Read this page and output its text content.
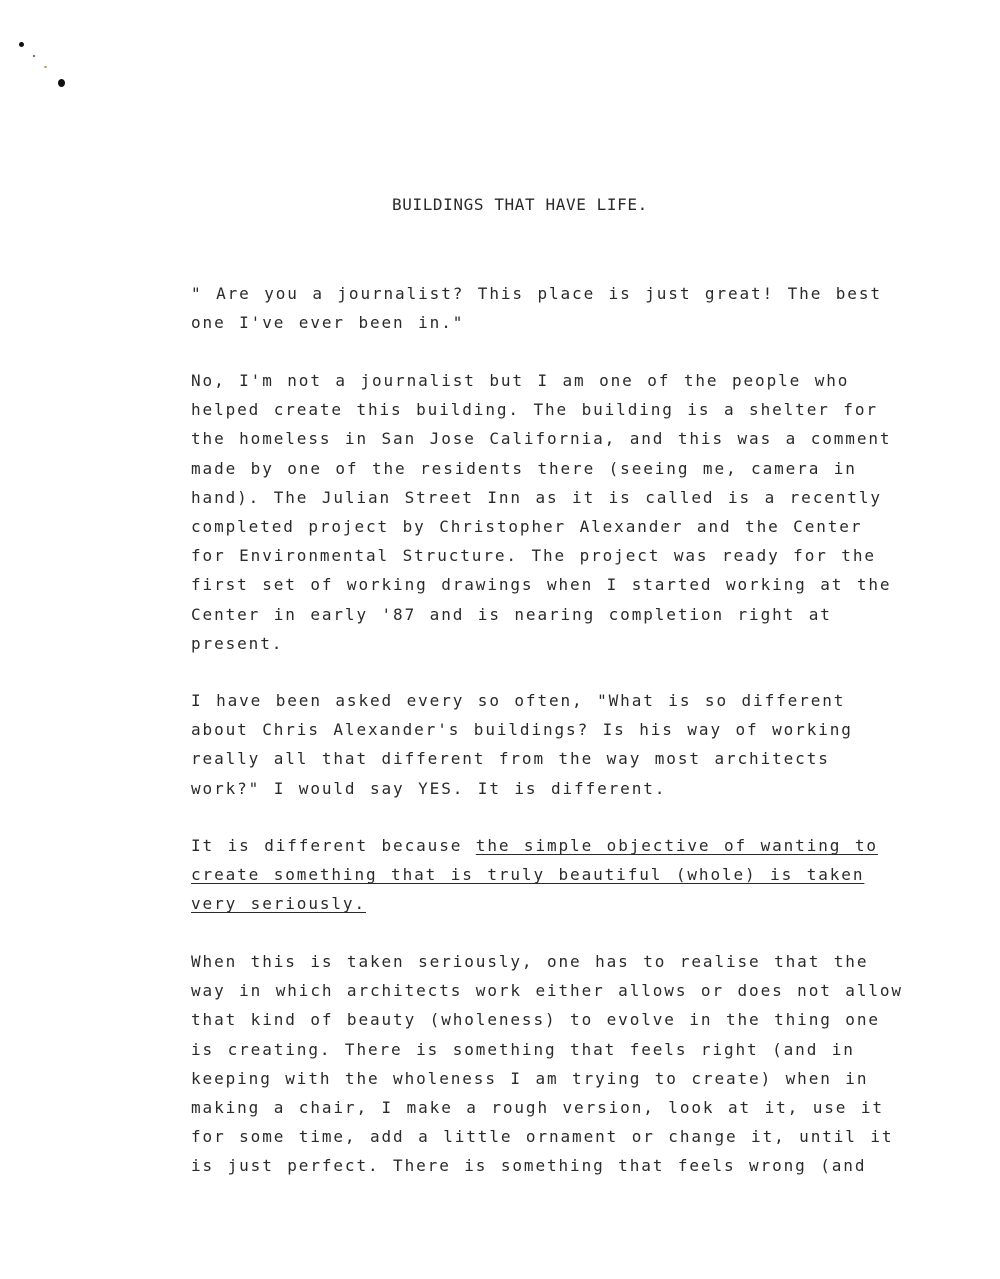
BUILDINGS THAT HAVE LIFE.
" Are you a journalist? This place is just great! The best
one I've ever been in."
No, I'm not a journalist but I am one of the people who
helped create this building. The building is a shelter for
the homeless in San Jose California, and this was a comment
made by one of the residents there (seeing me, camera in
hand). The Julian Street Inn as it is called is a recently
completed project by Christopher Alexander and the Center
for Environmental Structure. The project was ready for the
first set of working drawings when I started working at the
Center in early '87 and is nearing completion right at
present.
I have been asked every so often, "What is so different
about Chris Alexander's buildings? Is his way of working
really all that different from the way most architects
work?" I would say YES. It is different.
It is different because the simple objective of wanting to
create something that is truly beautiful (whole) is taken
very seriously.
When this is taken seriously, one has to realise that the
way in which architects work either allows or does not allow
that kind of beauty (wholeness) to evolve in the thing one
is creating. There is something that feels right (and in
keeping with the wholeness I am trying to create) when in
making a chair, I make a rough version, look at it, use it
for some time, add a little ornament or change it, until it
is just perfect. There is something that feels wrong (and
